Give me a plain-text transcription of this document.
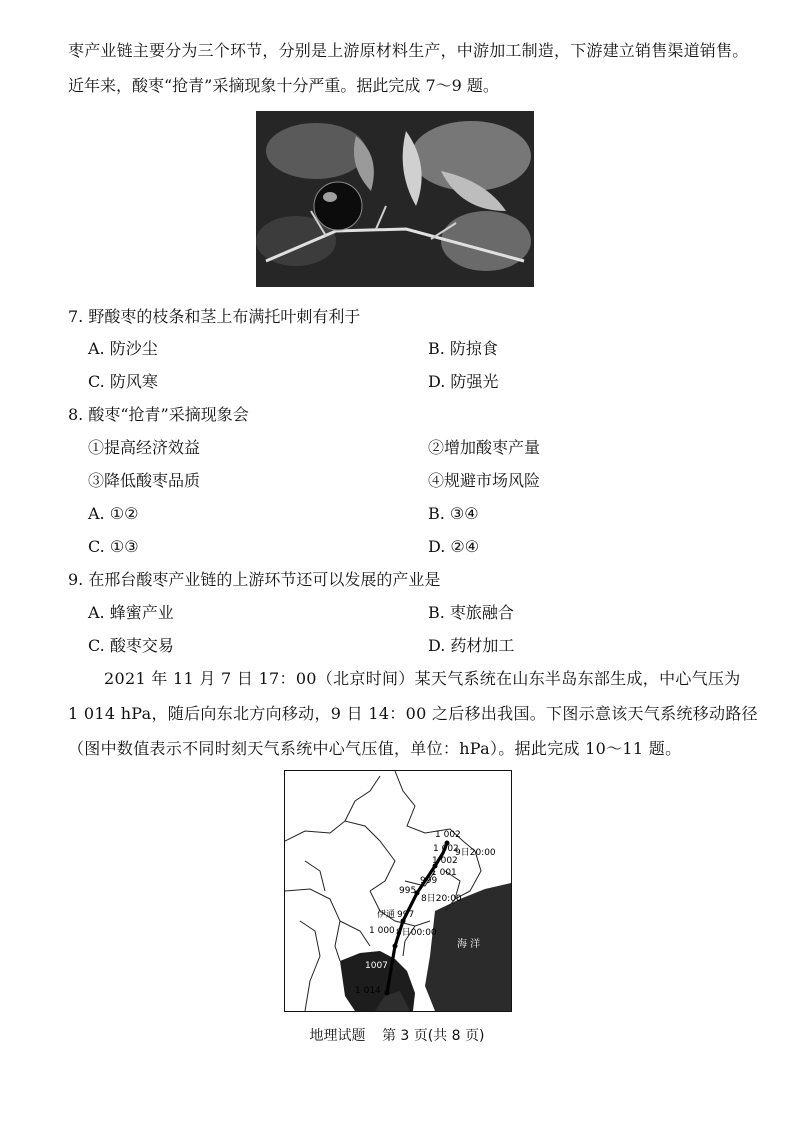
枣产业链主要分为三个环节，分别是上游原材料生产，中游加工制造，下游建立销售渠道销售。
近年来，酸枣“抢青”采摘现象十分严重。据此完成 7～9 题。
7. 野酸枣的枝条和茎上布满托叶刺有利于
A. 防沙尘	B. 防掠食
C. 防风寒	D. 防强光
8. 酸枣“抢青”采摘现象会
①提高经济效益	②增加酸枣产量
③降低酸枣品质	④规避市场风险
A. ①②	B. ③④
C. ①③	D. ②④
9. 在邢台酸枣产业链的上游环节还可以发展的产业是
A. 蜂蜜产业	B. 枣旅融合
C. 酸枣交易	D. 药材加工
2021 年 11 月 7 日 17：00（北京时间）某天气系统在山东半岛东部生成，中心气压为
1 014 hPa，随后向东北方向移动，9 日 14：00 之后移出我国。下图示意该天气系统移动路径
（图中数值表示不同时刻天气系统中心气压值，单位：hPa）。据此完成 10～11 题。
1 002
1 002
1 002
1 001
9日20:00
999
995
8日20:00
997
伊通
1 000 8日00:00
1007
1 014
海 洋
地理试题 第 3 页(共 8 页)
